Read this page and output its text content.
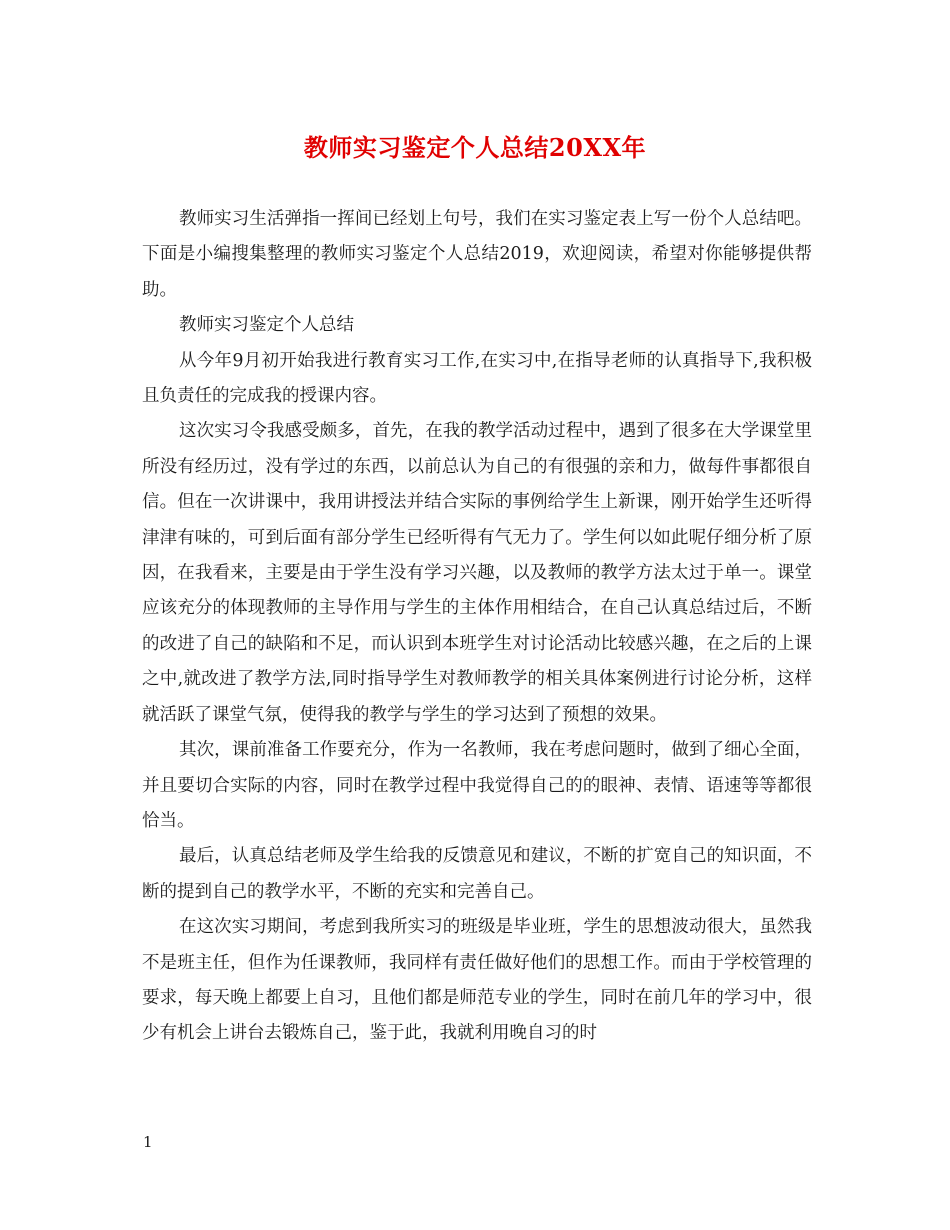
教师实习鉴定个人总结20XX年

教师实习生活弹指一挥间已经划上句号，我们在实习鉴定表上写一份个人总结吧。下面是小编搜集整理的教师实习鉴定个人总结2019，欢迎阅读，希望对你能够提供帮助。

教师实习鉴定个人总结

从今年9月初开始我进行教育实习工作,在实习中,在指导老师的认真指导下,我积极且负责任的完成我的授课内容。

这次实习令我感受颇多，首先，在我的教学活动过程中，遇到了很多在大学课堂里所没有经历过，没有学过的东西，以前总认为自己的有很强的亲和力，做每件事都很自信。但在一次讲课中，我用讲授法并结合实际的事例给学生上新课，刚开始学生还听得津津有味的，可到后面有部分学生已经听得有气无力了。学生何以如此呢仔细分析了原因，在我看来，主要是由于学生没有学习兴趣，以及教师的教学方法太过于单一。课堂应该充分的体现教师的主导作用与学生的主体作用相结合，在自己认真总结过后，不断的改进了自己的缺陷和不足，而认识到本班学生对讨论活动比较感兴趣，在之后的上课之中,就改进了教学方法,同时指导学生对教师教学的相关具体案例进行讨论分析，这样就活跃了课堂气氛，使得我的教学与学生的学习达到了预想的效果。

其次，课前准备工作要充分，作为一名教师，我在考虑问题时，做到了细心全面，并且要切合实际的内容，同时在教学过程中我觉得自己的的眼神、表情、语速等等都很恰当。

最后，认真总结老师及学生给我的反馈意见和建议，不断的扩宽自己的知识面，不断的提到自己的教学水平，不断的充实和完善自己。

在这次实习期间，考虑到我所实习的班级是毕业班，学生的思想波动很大，虽然我不是班主任，但作为任课教师，我同样有责任做好他们的思想工作。而由于学校管理的要求，每天晚上都要上自习，且他们都是师范专业的学生，同时在前几年的学习中，很少有机会上讲台去锻炼自己，鉴于此，我就利用晚自习的时

1
